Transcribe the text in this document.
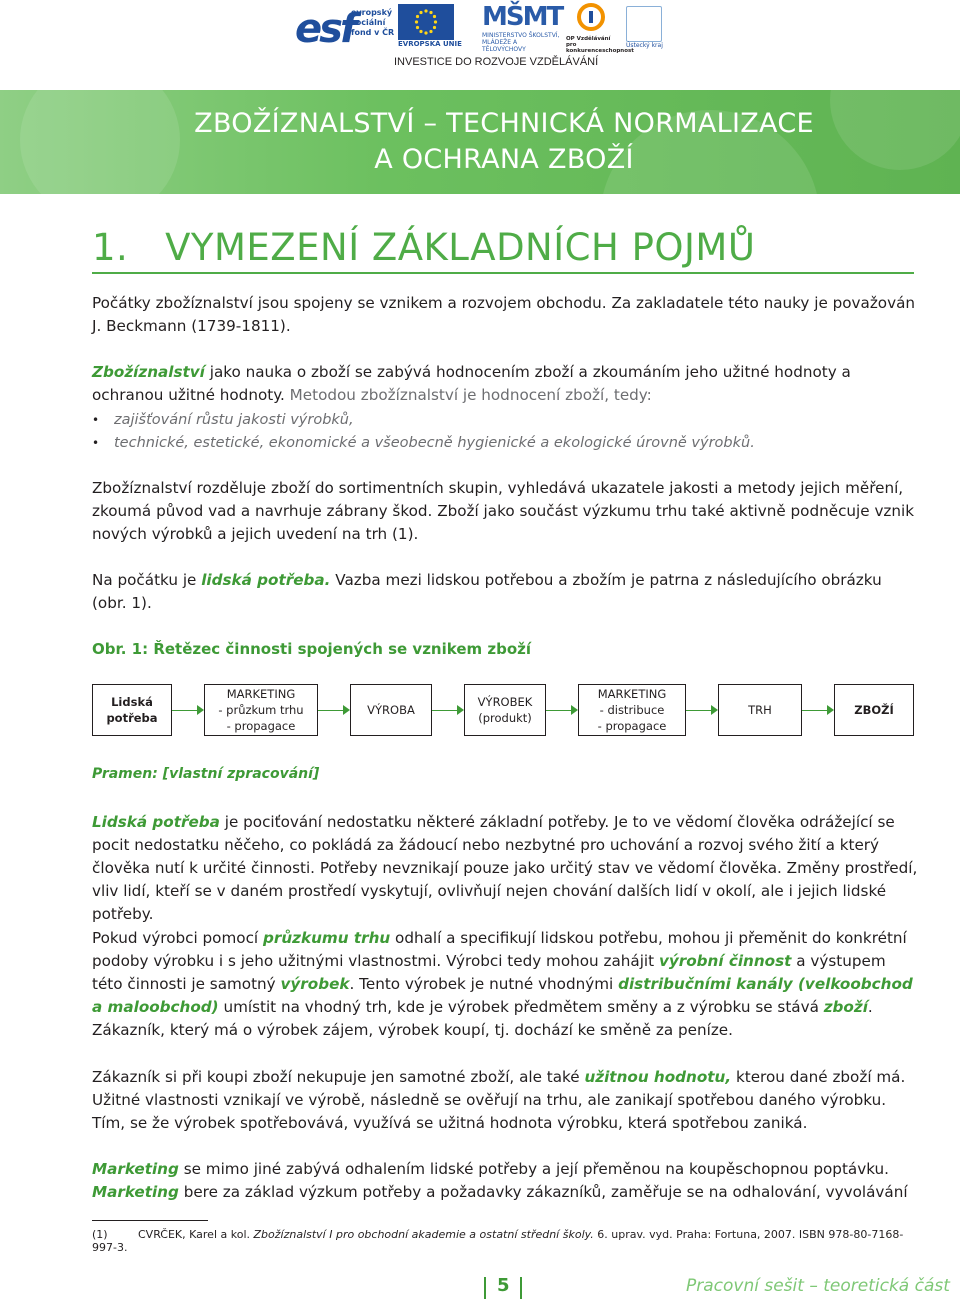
esf
evropský
sociální
fond v ČR
EVROPSKÁ UNIE
MŠMT
MINISTERSTVO ŠKOLSTVÍ,
MLÁDEŽE A TĚLOVÝCHOVY
OP Vzdělávání
pro konkurenceschopnost
Ústecký kraj
INVESTICE DO ROZVOJE VZDĚLÁVÁNÍ
ZBOŽÍZNALSTVÍ – TECHNICKÁ NORMALIZACE
A OCHRANA ZBOŽÍ
1.   VYMEZENÍ ZÁKLADNÍCH POJMŮ
Počátky zbožíznalství jsou spojeny se vznikem a rozvojem obchodu. Za zakladatele této nauky je považován J. Beckmann (1739-1811).
Zbožíznalství jako nauka o zboží se zabývá hodnocením zboží a zkoumáním jeho užitné hodnoty a ochranou užitné hodnoty. Metodou zbožíznalství je hodnocení zboží, tedy:
• zajišťování růstu jakosti výrobků,
• technické, estetické, ekonomické a všeobecně hygienické a ekologické úrovně výrobků.
Zbožíznalství rozděluje zboží do sortimentních skupin, vyhledává ukazatele jakosti a metody jejich měření, zkoumá původ vad a navrhuje zábrany škod. Zboží jako součást výzkumu trhu také aktivně podněcuje vznik nových výrobků a jejich uvedení na trh (1).
Na počátku je lidská potřeba. Vazba mezi lidskou potřebou a zbožím je patrna z následujícího obrázku (obr. 1).
Obr. 1: Řetězec činnosti spojených se vznikem zboží
Lidská
potřeba
MARKETING
- průzkum trhu
- propagace
VÝROBA
VÝROBEK
(produkt)
MARKETING
- distribuce
- propagace
TRH	ZBOŽÍ
Pramen: [vlastní zpracování]
Lidská potřeba je pociťování nedostatku některé základní potřeby. Je to ve vědomí člověka odrážející se pocit nedostatku něčeho, co pokládá za žádoucí nebo nezbytné pro uchování a rozvoj svého žití a který člověka nutí k určité činnosti. Potřeby nevznikají pouze jako určitý stav ve vědomí člověka. Změny prostředí, vliv lidí, kteří se v daném prostředí vyskytují, ovlivňují nejen chování dalších lidí v okolí, ale i jejich lidské potřeby.
Pokud výrobci pomocí průzkumu trhu odhalí a specifikují lidskou potřebu, mohou ji přeměnit do konkrétní podoby výrobku i s jeho užitnými vlastnostmi. Výrobci tedy mohou zahájit výrobní činnost a výstupem této činnosti je samotný výrobek. Tento výrobek je nutné vhodnými distribučními kanály (velkoobchod a maloobchod) umístit na vhodný trh, kde je výrobek předmětem směny a z výrobku se stává zboží. Zákazník, který má o výrobek zájem, výrobek koupí, tj. dochází ke směně za peníze.
Zákazník si při koupi zboží nekupuje jen samotné zboží, ale také užitnou hodnotu, kterou dané zboží má. Užitné vlastnosti vznikají ve výrobě, následně se ověřují na trhu, ale zanikají spotřebou daného výrobku. Tím, se že výrobek spotřebovává, využívá se užitná hodnota výrobku, která spotřebou zaniká.
Marketing se mimo jiné zabývá odhalením lidské potřeby a její přeměnou na koupěschopnou poptávku.
Marketing bere za základ výzkum potřeby a požadavky zákazníků, zaměřuje se na odhalování, vyvolávání
(1)	CVRČEK, Karel a kol. Zbožíznalství I pro obchodní akademie a ostatní střední školy. 6. uprav. vyd. Praha: Fortuna, 2007. ISBN 978-80-7168-997-3.
5	Pracovní sešit – teoretická část
